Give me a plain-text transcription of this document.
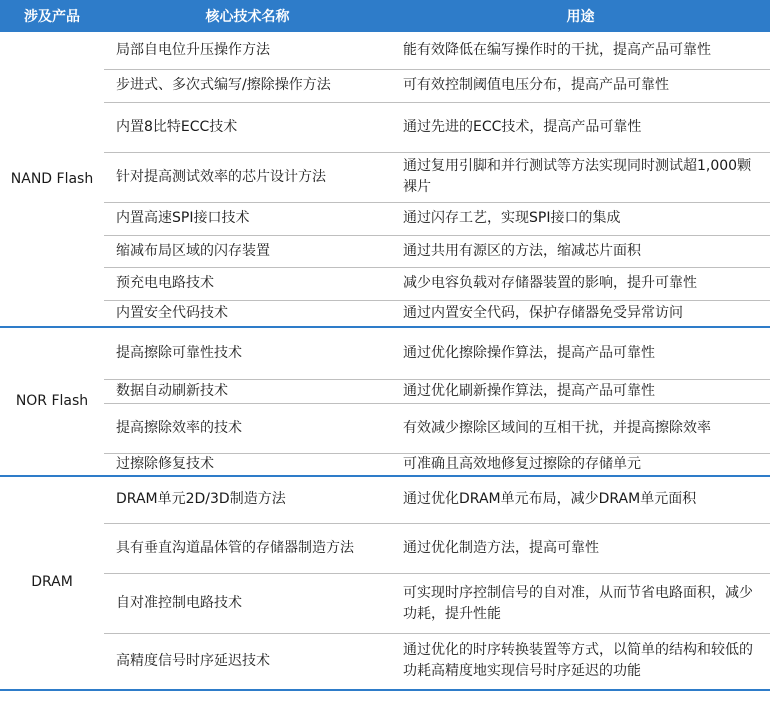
涉及产品	核心技术名称	用途
NAND Flash	局部自电位升压操作方法	能有效降低在编写操作时的干扰，提高产品可靠性
	步进式、多次式编写/擦除操作方法	可有效控制阈值电压分布，提高产品可靠性
	内置8比特ECC技术	通过先进的ECC技术，提高产品可靠性
	针对提高测试效率的芯片设计方法	通过复用引脚和并行测试等方法实现同时测试超1,000颗裸片
	内置高速SPI接口技术	通过闪存工艺，实现SPI接口的集成
	缩减布局区域的闪存装置	通过共用有源区的方法，缩减芯片面积
	预充电电路技术	减少电容负载对存储器装置的影响，提升可靠性
	内置安全代码技术	通过内置安全代码，保护存储器免受异常访问
NOR Flash	提高擦除可靠性技术	通过优化擦除操作算法，提高产品可靠性
	数据自动刷新技术	通过优化刷新操作算法，提高产品可靠性
	提高擦除效率的技术	有效减少擦除区域间的互相干扰，并提高擦除效率
	过擦除修复技术	可准确且高效地修复过擦除的存储单元
DRAM	DRAM单元2D/3D制造方法	通过优化DRAM单元布局，减少DRAM单元面积
	具有垂直沟道晶体管的存储器制造方法	通过优化制造方法，提高可靠性
	自对准控制电路技术	可实现时序控制信号的自对准，从而节省电路面积，减少功耗，提升性能
	高精度信号时序延迟技术	通过优化的时序转换装置等方式，以简单的结构和较低的功耗高精度地实现信号时序延迟的功能
